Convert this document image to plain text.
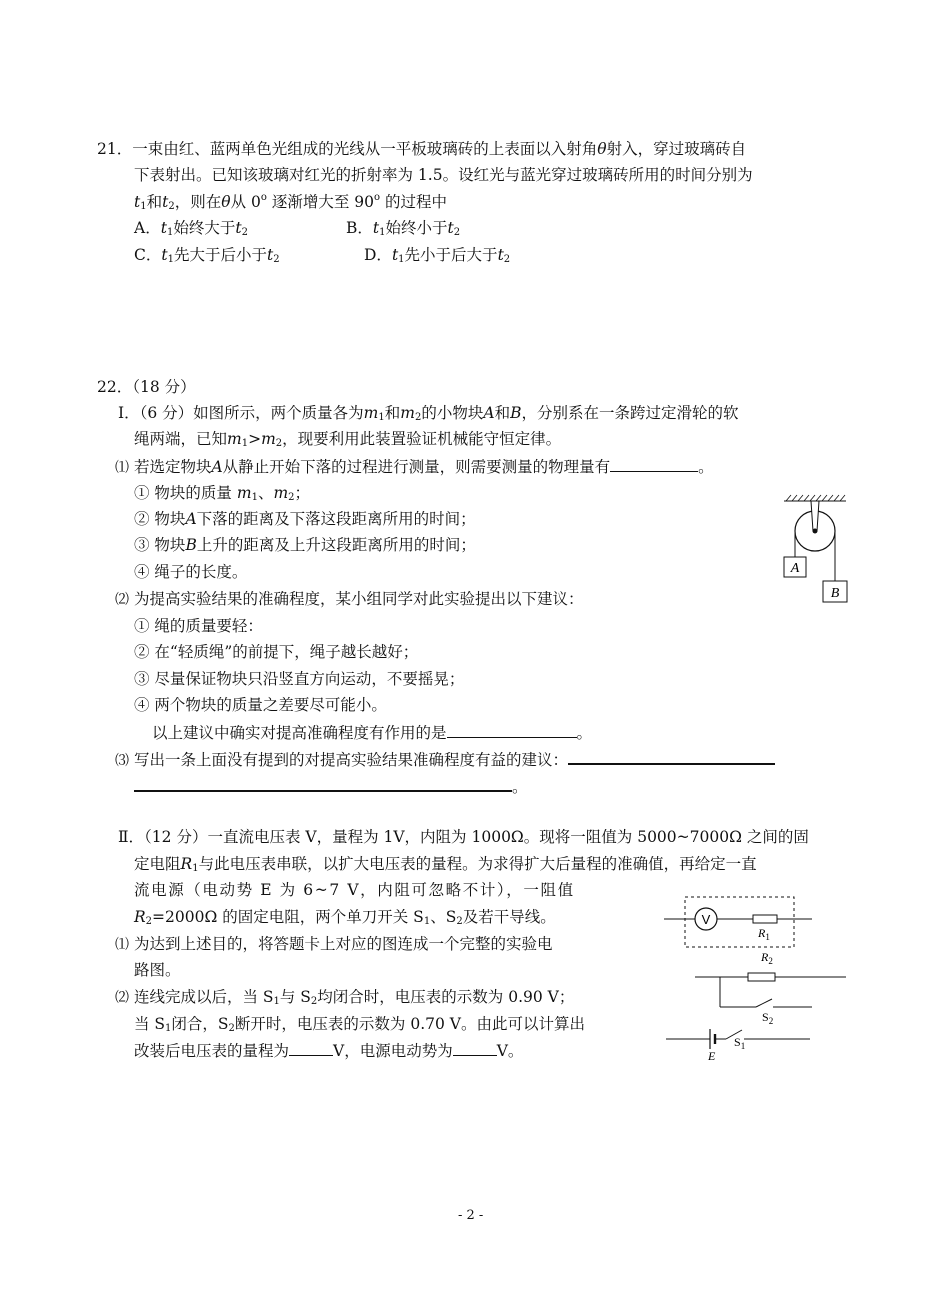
21．一束由红、蓝两单色光组成的光线从一平板玻璃砖的上表面以入射角θ射入，穿过玻璃砖自
下表射出。已知该玻璃对红光的折射率为 1.5。设红光与蓝光穿过玻璃砖所用的时间分别为
$t_1$和$t_2$，则在θ从 0$^o$ 逐渐增大至 90$^o$ 的过程中
A．$t_1$始终大于$t_2$	B．$t_1$始终小于$t_2$
C．$t_1$先大于后小于$t_2$	D．$t_1$先小于后大于$t_2$
22．（18 分）
I．（6 分）如图所示，两个质量各为$m_1$和$m_2$的小物块A和B，分别系在一条跨过定滑轮的软
绳两端，已知$m_1>m_2$，现要利用此装置验证机械能守恒定律。
⑴ 若选定物块A从静止开始下落的过程进行测量，则需要测量的物理量有	。
① 物块的质量 $m_1$、$m_2$；
② 物块A下落的距离及下落这段距离所用的时间；
③ 物块B上升的距离及上升这段距离所用的时间；
④ 绳子的长度。	A
B
⑵ 为提高实验结果的准确程度，某小组同学对此实验提出以下建议：
① 绳的质量要轻：
② 在“轻质绳”的前提下，绳子越长越好；
③ 尽量保证物块只沿竖直方向运动，不要摇晃；
④ 两个物块的质量之差要尽可能小。
以上建议中确实对提高准确程度有作用的是	。
⑶ 写出一条上面没有提到的对提高实验结果准确程度有益的建议：
。
Ⅱ．（12 分）一直流电压表 V，量程为 1V，内阻为 1000Ω。现将一阻值为 5000~7000Ω 之间的固
定电阻$R_1$与此电压表串联，以扩大电压表的量程。为求得扩大后量程的准确值，再给定一直
流电源（电动势 E 为 6~7 V，内阻可忽略不计），一阻值
$R_2=2000\Omega$ 的固定电阻，两个单刀开关 $S_1$、$S_2$及若干导线。
⑴ 为达到上述目的，将答题卡上对应的图连成一个完整的实验电
路图。
⑵ 连线完成以后，当 $S_1$与 $S_2$均闭合时，电压表的示数为 0.90 V；
当 $S_1$闭合，$S_2$断开时，电压表的示数为 0.70 V。由此可以计算出
改装后电压表的量程为	V，电源电动势为	V。
V
$R_1$
$R_2$
$S_2$
E
$S_1$
- 2 -
